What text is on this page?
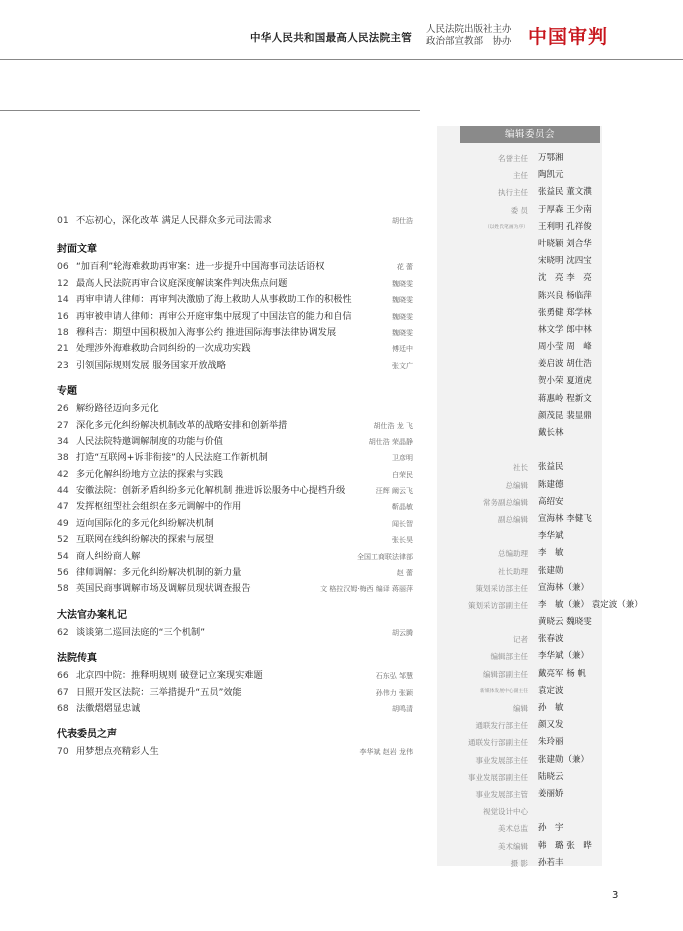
中华人民共和国最高人民法院主管
人民法院出版社主办
政治部宣教部　协办 中国审判
01 不忘初心，深化改革 满足人民群众多元司法需求	胡仕浩
封面文章
06 “加百利”轮海难救助再审案：进一步提升中国海事司法话语权	花 蕾
12 最高人民法院再审合议庭深度解读案件判决焦点问题	魏晓雯
14 再审申请人律师：再审判决激励了海上救助人从事救助工作的积极性	魏晓雯
16 再审被申请人律师：再审公开庭审集中展现了中国法官的能力和自信	魏晓雯
18 穆科吉：期望中国积极加入海事公约 推进国际海事法律协调发展	魏晓雯
21 处理涉外海难救助合同纠纷的一次成功实践	傅廷中
23 引领国际规则发展 服务国家开放战略	张文广
专题
26 解纷路径迈向多元化
27 深化多元化纠纷解决机制改革的战略安排和创新举措	胡仕浩 龙 飞
34 人民法院特邀调解制度的功能与价值	胡仕浩 荣晶静
38 打造“互联网+诉非衔接”的人民法庭工作新机制	卫彦明
42 多元化解纠纷地方立法的探索与实践	白荣民
44 安徽法院：创新矛盾纠纷多元化解机制 推进诉讼服务中心提档升级	汪辉 阚云飞
47 发挥枢纽型社会组织在多元调解中的作用	靳晶敏
49 迈向国际化的多元化纠纷解决机制	闻长智
52 互联网在线纠纷解决的探索与展望	张长昊
54 商人纠纷商人解	全国工商联法律部
56 律师调解：多元化纠纷解决机制的新力量	赵 蕾
58 英国民商事调解市场及调解员现状调查报告	文 格拉汉姆·梅西 编译 蒋丽萍
大法官办案札记
62 谈谈第二巡回法庭的“三个机制”	胡云腾
法院传真
66 北京四中院：推释明规则 破登记立案现实难题	石东弘 邹慧
67 日照开发区法院：三举措提升“五员”效能	孙伟力 张颖
68 法徽熠熠显忠诚	胡鸣清
代表委员之声
70 用梦想点亮精彩人生	李华斌 赵岩 龙伟
编辑委员会
名誉主任 万鄂湘
主任 陶凯元
执行主任 张益民 董文濮
委 员 于厚森 王少南
（以姓氏笔画为序） 王利明 孔祥俊
叶晓颖 刘合华
宋晓明 沈四宝
沈　亮 李　亮
陈兴良 杨临萍
张勇健 郑学林
林文学 郎中林
周小莹 周　峰
姜启波 胡仕浩
贺小荣 夏道虎
蒋惠岭 程新文
颜茂昆 裴显鼎
戴长林
社长 张益民
总编辑 陈建德
常务副总编辑 高绍安
副总编辑 宣海林 李健飞
李华斌
总编助理 李　敏
社长助理 张建勋
策划采访部主任 宣海林（兼）
策划采访部副主任 李　敏（兼） 袁定波（兼）
黄晓云 魏晓雯
记者 张春波
编辑部主任 李华斌（兼）
编辑部副主任 戴亮军 杨 帆
新媒体发展中心副主任 袁定波
编辑 孙　敏
通联发行部主任 颜又发
通联发行部副主任 朱玲丽
事业发展部主任 张建勋（兼）
事业发展部副主任 陆晓云
事业发展部主管 姜丽娇
视觉设计中心
美术总监 孙　宇
美术编辑 韩　璐 张　晔
摄 影 孙若丰
3
